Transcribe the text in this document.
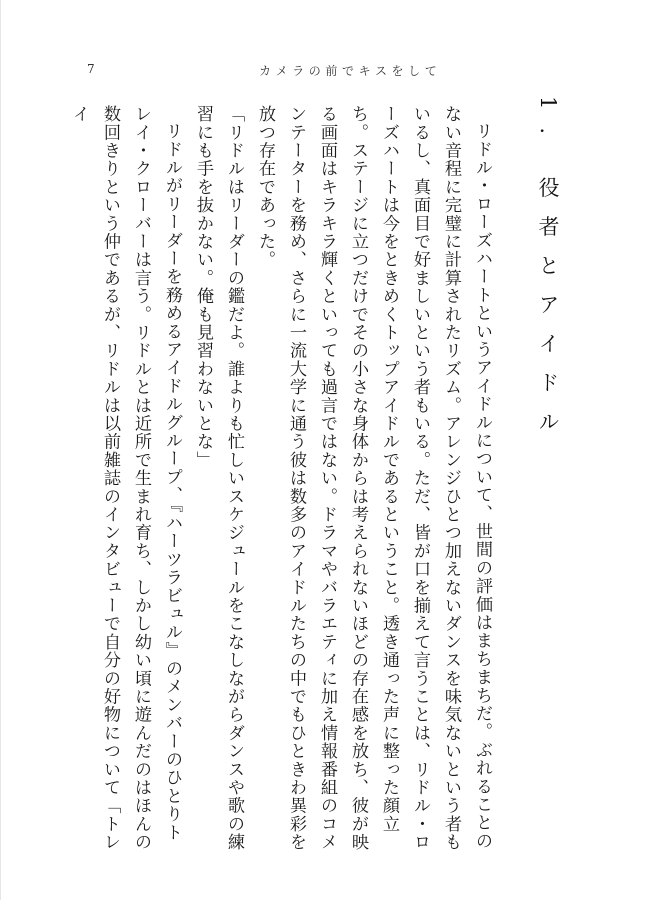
7	カメラの前でキスをして
1. 役者とアイドル

リドル・ローズハートというアイドルについて、世間の評価はまちまちだ。ぶれることのない音程に完璧に計算されたリズム。アレンジひとつ加えないダンスを味気ないという者もいるし、真面目で好ましいという者もいる。ただ、皆が口を揃えて言うことは、リドル・ローズハートは今をときめくトップアイドルであるということ。透き通った声に整った顔立ち。ステージに立つだけでその小さな身体からは考えられないほどの存在感を放ち、彼が映る画面はキラキラ輝くといっても過言ではない。ドラマやバラエティに加え情報番組のコメンテーターを務め、さらに一流大学に通う彼は数多のアイドルたちの中でもひときわ異彩を放つ存在であった。

「リドルはリーダーの鑑だよ。誰よりも忙しいスケジュールをこなしながらダンスや歌の練習にも手を抜かない。俺も見習わないとな」

リドルがリーダーを務めるアイドルグループ、『ハーツラビュル』のメンバーのひとりトレイ・クローバーは言う。リドルとは近所で生まれ育ち、しかし幼い頃に遊んだのはほんの数回きりという仲であるが、リドルは以前雑誌のインタビューで自分の好物について「トレイ
